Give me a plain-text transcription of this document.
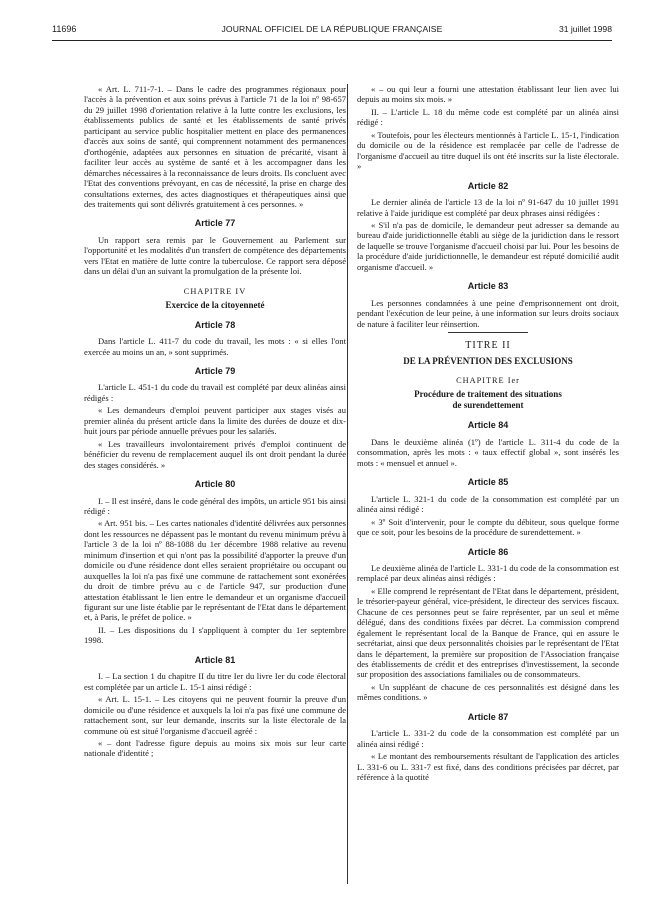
11696	JOURNAL OFFICIEL DE LA RÉPUBLIQUE FRANÇAISE	31 juillet 1998

« Art. L. 711-7-1. – Dans le cadre des programmes régionaux pour l'accès à la prévention et aux soins prévus à l'article 71 de la loi nº 98-657 du 29 juillet 1998 d'orientation relative à la lutte contre les exclusions, les établissements publics de santé et les établissements de santé privés participant au service public hospitalier mettent en place des permanences d'accès aux soins de santé, qui comprennent notamment des permanences d'orthogénie, adaptées aux personnes en situation de précarité, visant à faciliter leur accès au système de santé et à les accompagner dans les démarches nécessaires à la reconnaissance de leurs droits. Ils concluent avec l'Etat des conventions prévoyant, en cas de nécessité, la prise en charge des consultations externes, des actes diagnostiques et thérapeutiques ainsi que des traitements qui sont délivrés gratuitement à ces personnes. »

Article 77

Un rapport sera remis par le Gouvernement au Parlement sur l'opportunité et les modalités d'un transfert de compétence des départements vers l'Etat en matière de lutte contre la tuberculose. Ce rapport sera déposé dans un délai d'un an suivant la promulgation de la présente loi.

CHAPITRE IV
Exercice de la citoyenneté
Article 78

Dans l'article L. 411-7 du code du travail, les mots : « si elles l'ont exercée au moins un an, » sont supprimés.

Article 79

L'article L. 451-1 du code du travail est complété par deux alinéas ainsi rédigés :

« Les demandeurs d'emploi peuvent participer aux stages visés au premier alinéa du présent article dans la limite des durées de douze et dix-huit jours par période annuelle prévues pour les salariés.

« Les travailleurs involontairement privés d'emploi continuent de bénéficier du revenu de remplacement auquel ils ont droit pendant la durée des stages considérés. »

Article 80

I. – Il est inséré, dans le code général des impôts, un article 951 bis ainsi rédigé :

« Art. 951 bis. – Les cartes nationales d'identité délivrées aux personnes dont les ressources ne dépassent pas le montant du revenu minimum prévu à l'article 3 de la loi nº 88-1088 du 1er décembre 1988 relative au revenu minimum d'insertion et qui n'ont pas la possibilité d'apporter la preuve d'un domicile ou d'une résidence dont elles seraient propriétaire ou occupant ou auxquelles la loi n'a pas fixé une commune de rattachement sont exonérées du droit de timbre prévu au c de l'article 947, sur production d'une attestation établissant le lien entre le demandeur et un organisme d'accueil figurant sur une liste établie par le représentant de l'Etat dans le département et, à Paris, le préfet de police. »

II. – Les dispositions du I s'appliquent à compter du 1er septembre 1998.

Article 81

I. – La section 1 du chapitre II du titre Ier du livre Ier du code électoral est complétée par un article L. 15-1 ainsi rédigé :

« Art. L. 15-1. – Les citoyens qui ne peuvent fournir la preuve d'un domicile ou d'une résidence et auxquels la loi n'a pas fixé une commune de rattachement sont, sur leur demande, inscrits sur la liste électorale de la commune où est situé l'organisme d'accueil agréé :

« – dont l'adresse figure depuis au moins six mois sur leur carte nationale d'identité ;

« – ou qui leur a fourni une attestation établissant leur lien avec lui depuis au moins six mois. »

II. – L'article L. 18 du même code est complété par un alinéa ainsi rédigé :

« Toutefois, pour les électeurs mentionnés à l'article L. 15-1, l'indication du domicile ou de la résidence est remplacée par celle de l'adresse de l'organisme d'accueil au titre duquel ils ont été inscrits sur la liste électorale. »

Article 82

Le dernier alinéa de l'article 13 de la loi nº 91-647 du 10 juillet 1991 relative à l'aide juridique est complété par deux phrases ainsi rédigées :

« S'il n'a pas de domicile, le demandeur peut adresser sa demande au bureau d'aide juridictionnelle établi au siège de la juridiction dans le ressort de laquelle se trouve l'organisme d'accueil choisi par lui. Pour les besoins de la procédure d'aide juridictionnelle, le demandeur est réputé domicilié audit organisme d'accueil. »

Article 83

Les personnes condamnées à une peine d'emprisonnement ont droit, pendant l'exécution de leur peine, à une information sur leurs droits sociaux de nature à faciliter leur réinsertion.

TITRE II
DE LA PRÉVENTION DES EXCLUSIONS
CHAPITRE Ier
Procédure de traitement des situations
de surendettement
Article 84

Dans le deuxième alinéa (1º) de l'article L. 311-4 du code de la consommation, après les mots : « taux effectif global », sont insérés les mots : « mensuel et annuel ».

Article 85

L'article L. 321-1 du code de la consommation est complété par un alinéa ainsi rédigé :

« 3º Soit d'intervenir, pour le compte du débiteur, sous quelque forme que ce soit, pour les besoins de la procédure de surendettement. »

Article 86

Le deuxième alinéa de l'article L. 331-1 du code de la consommation est remplacé par deux alinéas ainsi rédigés :

« Elle comprend le représentant de l'Etat dans le département, président, le trésorier-payeur général, vice-président, le directeur des services fiscaux. Chacune de ces personnes peut se faire représenter, par un seul et même délégué, dans des conditions fixées par décret. La commission comprend également le représentant local de la Banque de France, qui en assure le secrétariat, ainsi que deux personnalités choisies par le représentant de l'Etat dans le département, la première sur proposition de l'Association française des établissements de crédit et des entreprises d'investissement, la seconde sur proposition des associations familiales ou de consommateurs.

« Un suppléant de chacune de ces personnalités est désigné dans les mêmes conditions. »

Article 87

L'article L. 331-2 du code de la consommation est complété par un alinéa ainsi rédigé :

« Le montant des remboursements résultant de l'application des articles L. 331-6 ou L. 331-7 est fixé, dans des conditions précisées par décret, par référence à la quotité
